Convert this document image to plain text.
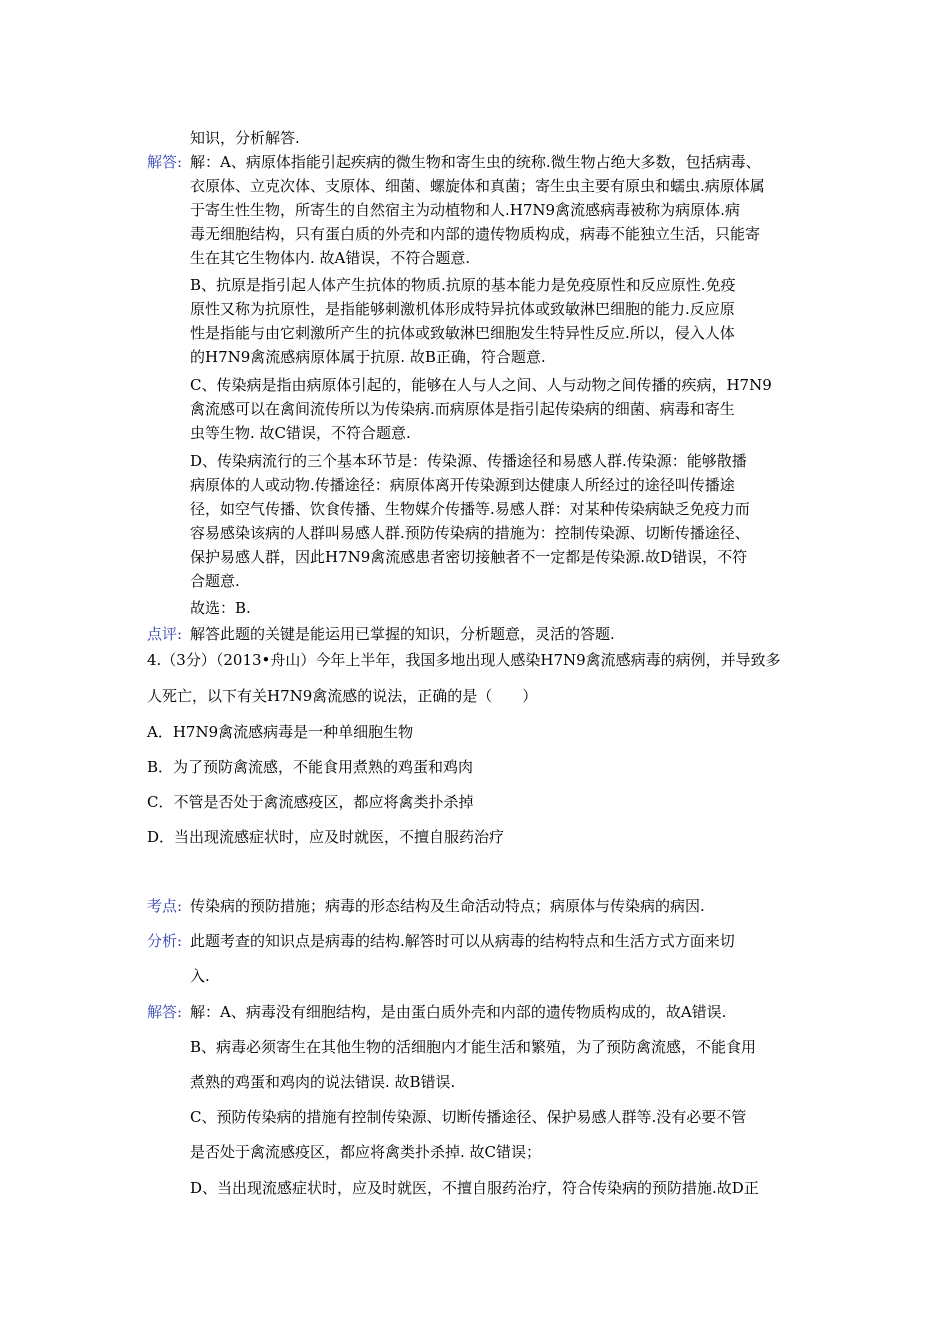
知识，分析解答.
解答: 解：A、病原体指能引起疾病的微生物和寄生虫的统称.微生物占绝大多数，包括病毒、
衣原体、立克次体、支原体、细菌、螺旋体和真菌；寄生虫主要有原虫和蠕虫.病原体属
于寄生性生物，所寄生的自然宿主为动植物和人.H7N9禽流感病毒被称为病原体.病
毒无细胞结构，只有蛋白质的外壳和内部的遗传物质构成，病毒不能独立生活，只能寄
生在其它生物体内. 故A错误，不符合题意.
B、抗原是指引起人体产生抗体的物质.抗原的基本能力是免疫原性和反应原性.免疫
原性又称为抗原性，是指能够刺激机体形成特异抗体或致敏淋巴细胞的能力.反应原
性是指能与由它刺激所产生的抗体或致敏淋巴细胞发生特异性反应.所以，侵入人体
的H7N9禽流感病原体属于抗原. 故B正确，符合题意.
C、传染病是指由病原体引起的，能够在人与人之间、人与动物之间传播的疾病，H7N9
禽流感可以在禽间流传所以为传染病.而病原体是指引起传染病的细菌、病毒和寄生
虫等生物. 故C错误，不符合题意.
D、传染病流行的三个基本环节是：传染源、传播途径和易感人群.传染源：能够散播
病原体的人或动物.传播途径：病原体离开传染源到达健康人所经过的途径叫传播途
径，如空气传播、饮食传播、生物媒介传播等.易感人群：对某种传染病缺乏免疫力而
容易感染该病的人群叫易感人群.预防传染病的措施为：控制传染源、切断传播途径、
保护易感人群，因此H7N9禽流感患者密切接触者不一定都是传染源.故D错误，不符
合题意.
故选：B.
点评: 解答此题的关键是能运用已掌握的知识，分析题意，灵活的答题.
4.（3分）（2013•舟山）今年上半年，我国多地出现人感染H7N9禽流感病毒的病例，并导致多
人死亡，以下有关H7N9禽流感的说法，正确的是（　　）
A．H7N9禽流感病毒是一种单细胞生物
B．为了预防禽流感，不能食用煮熟的鸡蛋和鸡肉
C．不管是否处于禽流感疫区，都应将禽类扑杀掉
D．当出现流感症状时，应及时就医，不擅自服药治疗
考点: 传染病的预防措施；病毒的形态结构及生命活动特点；病原体与传染病的病因.
分析: 此题考查的知识点是病毒的结构.解答时可以从病毒的结构特点和生活方式方面来切
入.
解答: 解：A、病毒没有细胞结构，是由蛋白质外壳和内部的遗传物质构成的，故A错误.
B、病毒必须寄生在其他生物的活细胞内才能生活和繁殖，为了预防禽流感，不能食用
煮熟的鸡蛋和鸡肉的说法错误. 故B错误.
C、预防传染病的措施有控制传染源、切断传播途径、保护易感人群等.没有必要不管
是否处于禽流感疫区，都应将禽类扑杀掉. 故C错误；
D、当出现流感症状时，应及时就医，不擅自服药治疗，符合传染病的预防措施.故D正
